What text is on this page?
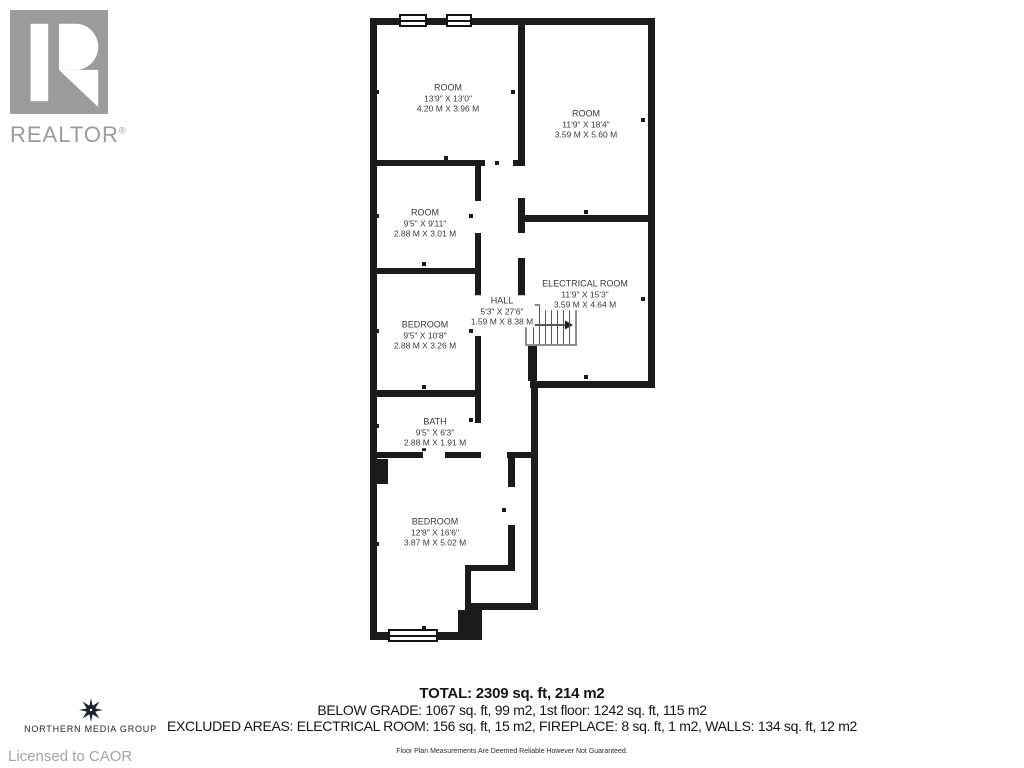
REALTOR®
ROOM
13'9" X 13'0"
4.20 M X 3.96 M	ROOM
11'9" X 18'4"
3.59 M X 5.60 M
ROOM
9'5" X 9'11"
2.88 M X 3.01 M
BEDROOM
9'5" X 10'8"
2.88 M X 3.26 M
HALL
5'3" X 27'6"
1.59 M X 8.38 M
ELECTRICAL ROOM
11'9" X 15'3"
3.59 M X 4.64 M
BATH
9'5" X 6'3"
2.88 M X 1.91 M
BEDROOM
12'8" X 16'6"
3.87 M X 5.02 M
TOTAL: 2309 sq. ft, 214 m2
BELOW GRADE: 1067 sq. ft, 99 m2, 1st floor: 1242 sq. ft, 115 m2
EXCLUDED AREAS: ELECTRICAL ROOM: 156 sq. ft, 15 m2, FIREPLACE: 8 sq. ft, 1 m2, WALLS: 134 sq. ft, 12 m2
Floor Plan Measurements Are Deemed Reliable However Not Guaranteed.
NORTHERN MEDIA GROUP
Licensed to CAOR
